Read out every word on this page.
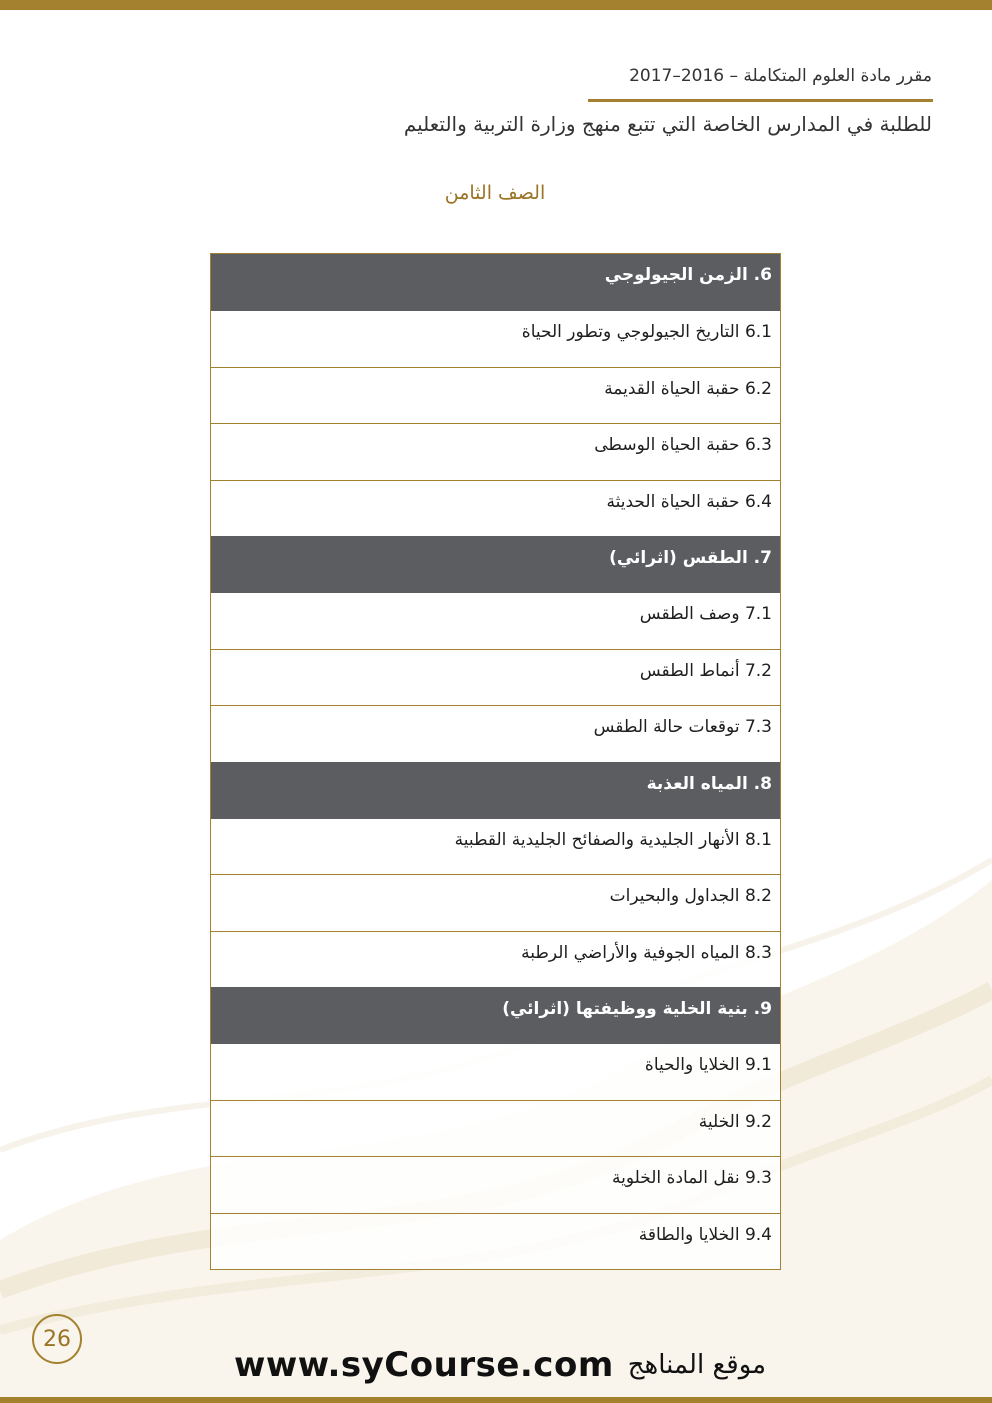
مقرر مادة العلوم المتكاملة – 2016–2017
للطلبة في المدارس الخاصة التي تتبع منهج وزارة التربية والتعليم
الصف الثامن
6. الزمن الجيولوجي
6.1 التاريخ الجيولوجي وتطور الحياة
6.2 حقبة الحياة القديمة
6.3 حقبة الحياة الوسطى
6.4 حقبة الحياة الحديثة
7. الطقس (اثرائي)
7.1 وصف الطقس
7.2 أنماط الطقس
7.3 توقعات حالة الطقس
8. المياه العذبة
8.1 الأنهار الجليدية والصفائح الجليدية القطبية
8.2 الجداول والبحيرات
8.3 المياه الجوفية والأراضي الرطبة
9. بنية الخلية ووظيفتها (اثرائي)
9.1 الخلايا والحياة
9.2 الخلية
9.3 نقل المادة الخلوية
9.4 الخلايا والطاقة
26
موقع المناهج
www.syCourse.com
